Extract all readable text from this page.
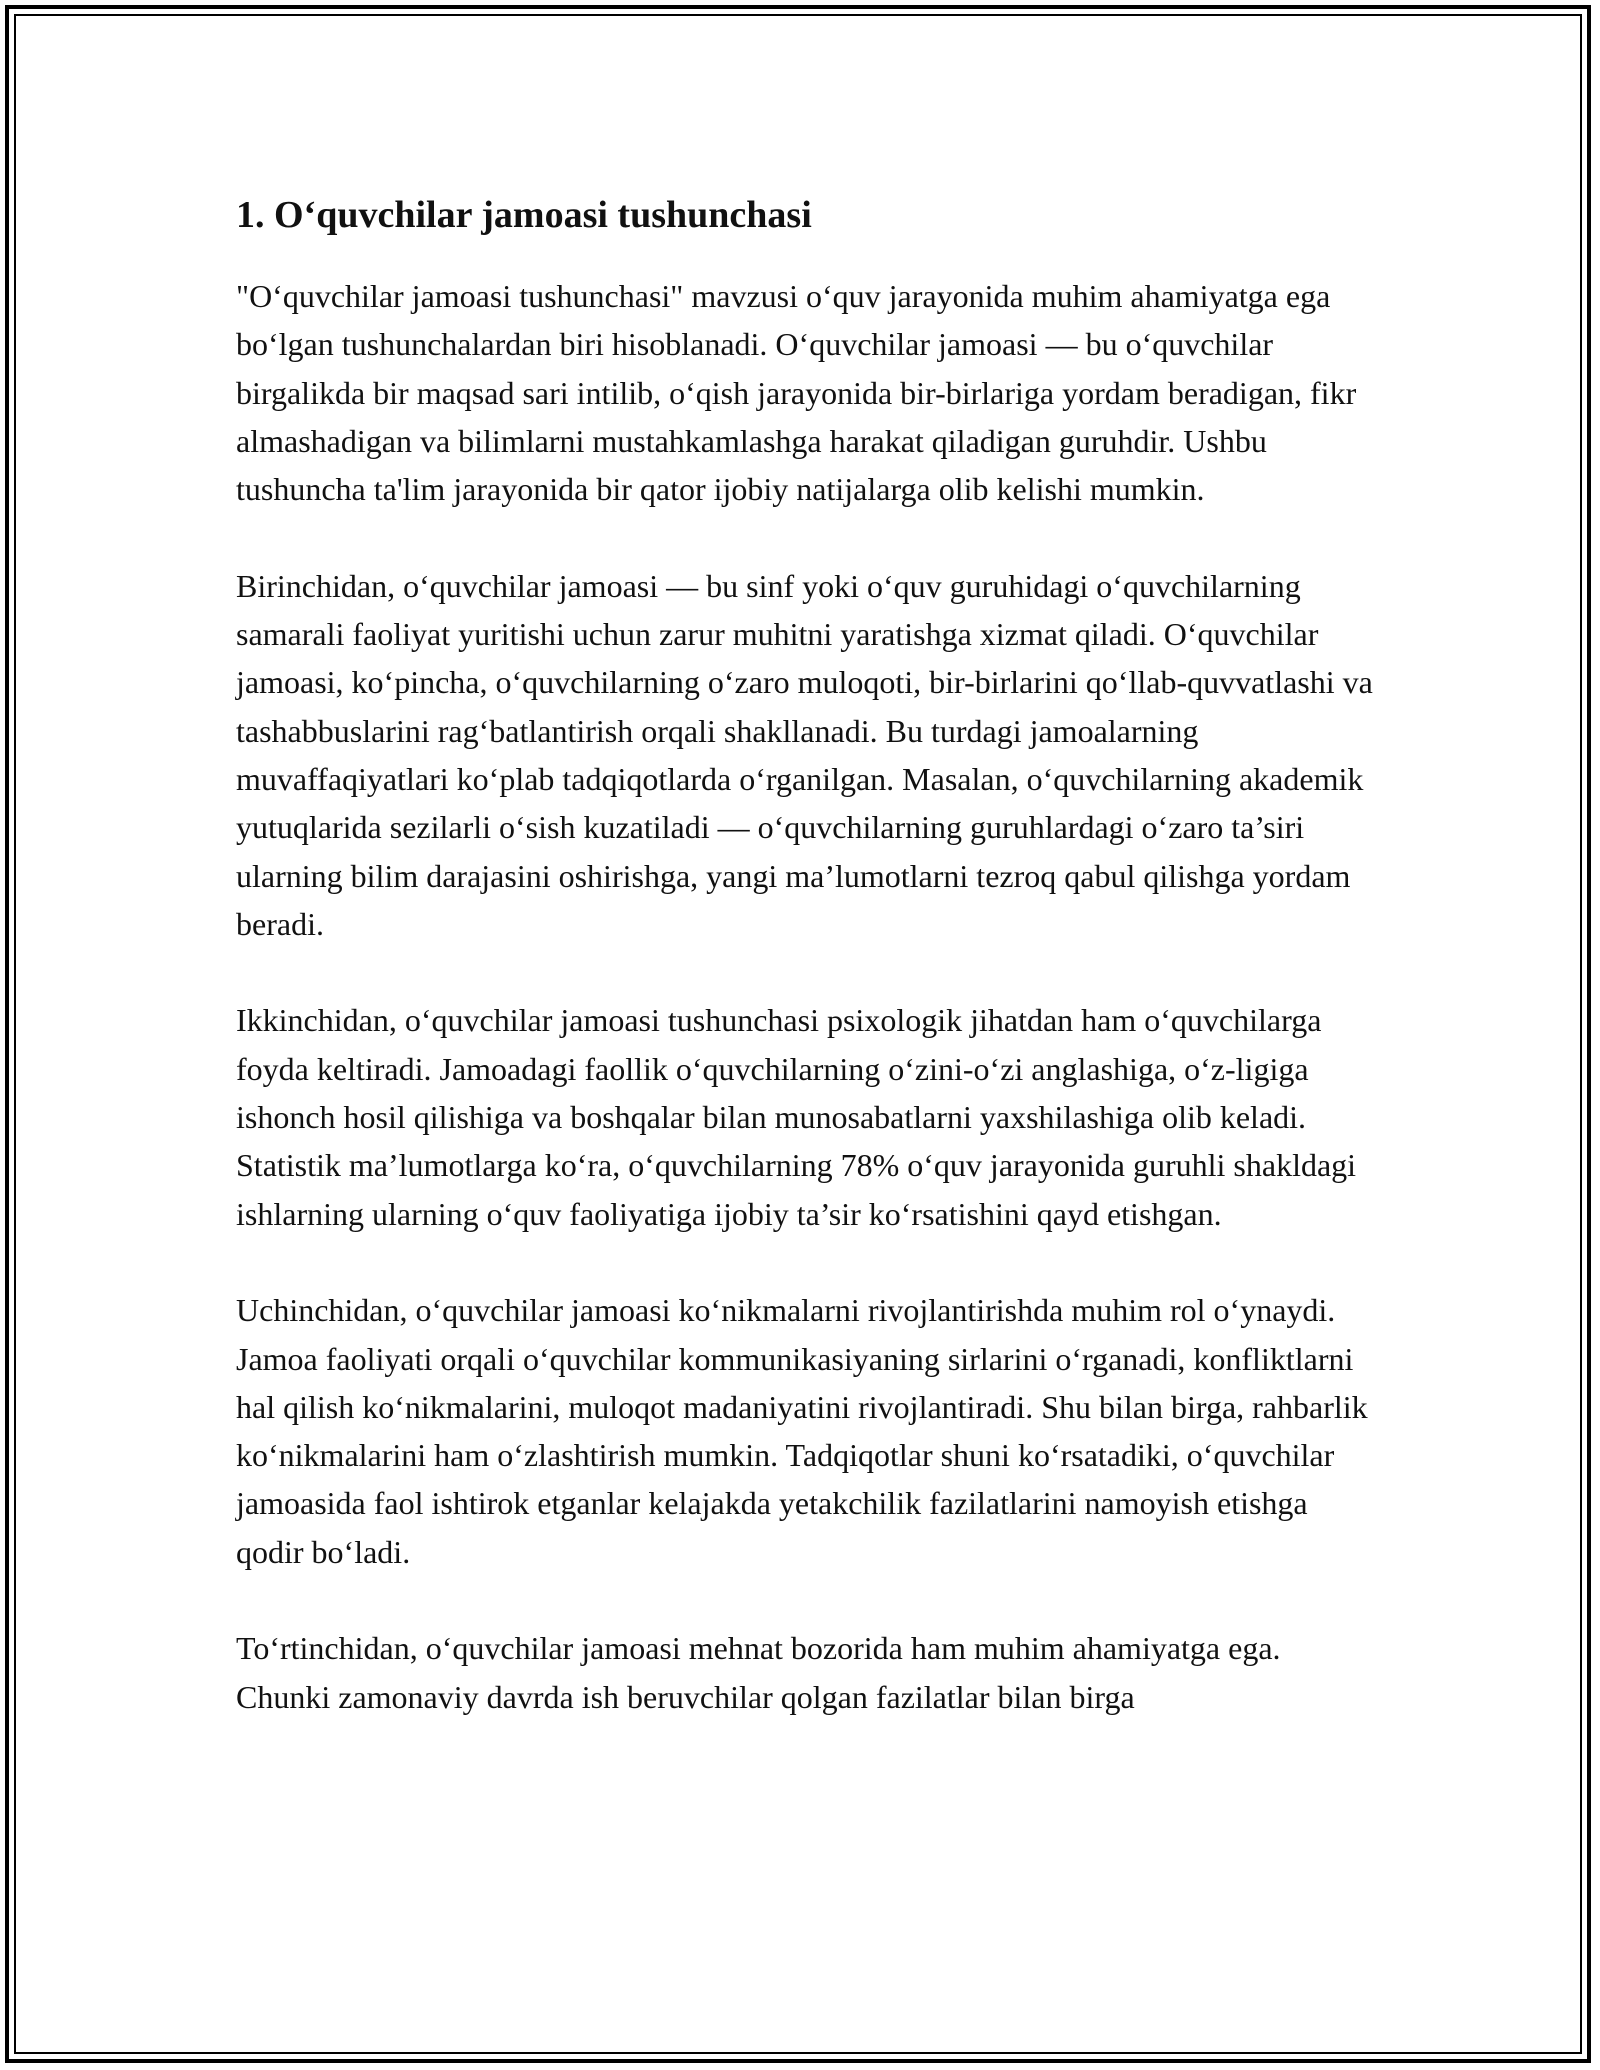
1. O‘quvchilar jamoasi tushunchasi

"O‘quvchilar jamoasi tushunchasi" mavzusi o‘quv jarayonida muhim ahamiyatga ega bo‘lgan tushunchalardan biri hisoblanadi. O‘quvchilar jamoasi — bu o‘quvchilar birgalikda bir maqsad sari intilib, o‘qish jarayonida bir-birlariga yordam beradigan, fikr almashadigan va bilimlarni mustahkamlashga harakat qiladigan guruhdir. Ushbu tushuncha ta'lim jarayonida bir qator ijobiy natijalarga olib kelishi mumkin.

Birinchidan, o‘quvchilar jamoasi — bu sinf yoki o‘quv guruhidagi o‘quvchilarning samarali faoliyat yuritishi uchun zarur muhitni yaratishga xizmat qiladi. O‘quvchilar jamoasi, ko‘pincha, o‘quvchilarning o‘zaro muloqoti, bir-birlarini qo‘llab-quvvatlashi va tashabbuslarini rag‘batlantirish orqali shakllanadi. Bu turdagi jamoalarning muvaffaqiyatlari ko‘plab tadqiqotlarda o‘rganilgan. Masalan, o‘quvchilarning akademik yutuqlarida sezilarli o‘sish kuzatiladi — o‘quvchilarning guruhlardagi o‘zaro ta’siri ularning bilim darajasini oshirishga, yangi ma’lumotlarni tezroq qabul qilishga yordam beradi.

Ikkinchidan, o‘quvchilar jamoasi tushunchasi psixologik jihatdan ham o‘quvchilarga foyda keltiradi. Jamoadagi faollik o‘quvchilarning o‘zini-o‘zi anglashiga, o‘z-ligiga ishonch hosil qilishiga va boshqalar bilan munosabatlarni yaxshilashiga olib keladi. Statistik ma’lumotlarga ko‘ra, o‘quvchilarning 78% o‘quv jarayonida guruhli shakldagi ishlarning ularning o‘quv faoliyatiga ijobiy ta’sir ko‘rsatishini qayd etishgan.

Uchinchidan, o‘quvchilar jamoasi ko‘nikmalarni rivojlantirishda muhim rol o‘ynaydi. Jamoa faoliyati orqali o‘quvchilar kommunikasiyaning sirlarini o‘rganadi, konfliktlarni hal qilish ko‘nikmalarini, muloqot madaniyatini rivojlantiradi. Shu bilan birga, rahbarlik ko‘nikmalarini ham o‘zlashtirish mumkin. Tadqiqotlar shuni ko‘rsatadiki, o‘quvchilar jamoasida faol ishtirok etganlar kelajakda yetakchilik fazilatlarini namoyish etishga qodir bo‘ladi.

To‘rtinchidan, o‘quvchilar jamoasi mehnat bozorida ham muhim ahamiyatga ega. Chunki zamonaviy davrda ish beruvchilar qolgan fazilatlar bilan birga
